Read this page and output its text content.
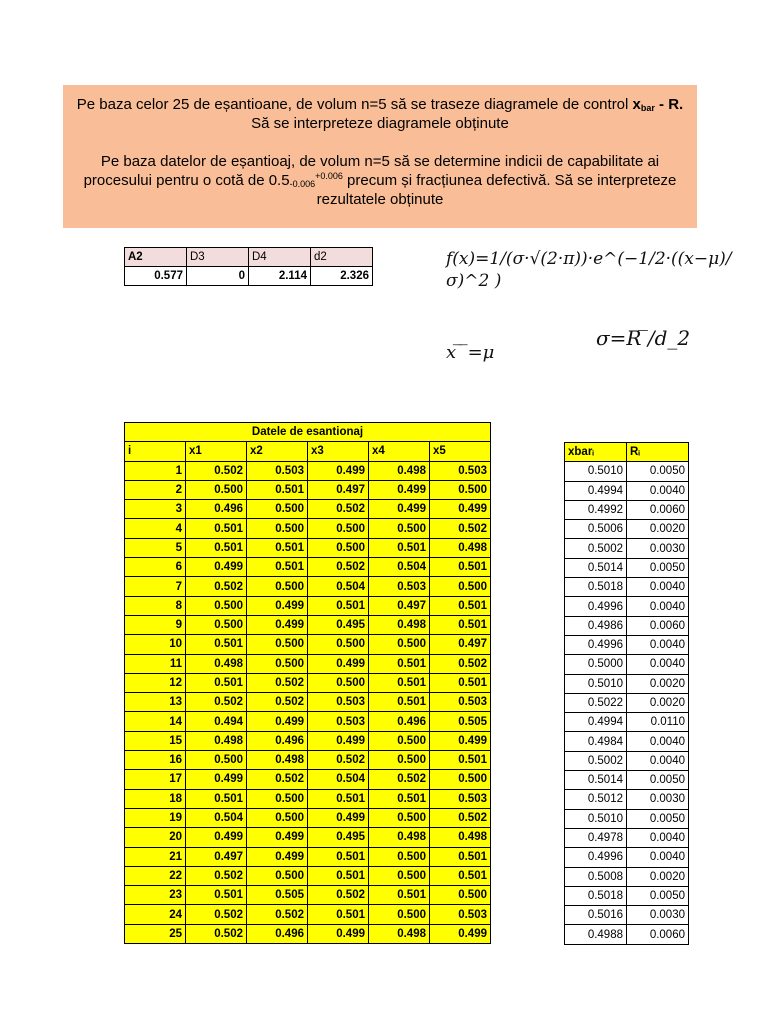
Pe baza celor 25 de eșantioane, de volum n=5 să se traseze diagramele de control $x_{bar}$ - R. Să se interpreteze diagramele obținute

Pe baza datelor de eșantioaj, de volum n=5 să se determine indicii de capabilitate ai procesului pentru o cotă de $0.5_{-0.006}^{+0.006}$ precum și fracțiunea defectivă. Să se interpreteze rezultatele obținute

A2	D3	D4	d2
0.577	0	2.114	2.326
𝑓(𝑥)=1/(𝜎·√(2·𝜋))·𝑒^(−1/2·((𝑥−𝜇)/𝜎)^2 )
𝑥 ̅ ̅=𝜇
𝜎=𝑅 ̅/𝑑_2
Datele de esantionaj					
i	x1	x2	x3	x4	x5
1	0.502	0.503	0.499	0.498	0.503
2	0.500	0.501	0.497	0.499	0.500
3	0.496	0.500	0.502	0.499	0.499
4	0.501	0.500	0.500	0.500	0.502
5	0.501	0.501	0.500	0.501	0.498
6	0.499	0.501	0.502	0.504	0.501
7	0.502	0.500	0.504	0.503	0.500
8	0.500	0.499	0.501	0.497	0.501
9	0.500	0.499	0.495	0.498	0.501
10	0.501	0.500	0.500	0.500	0.497
11	0.498	0.500	0.499	0.501	0.502
12	0.501	0.502	0.500	0.501	0.501
13	0.502	0.502	0.503	0.501	0.503
14	0.494	0.499	0.503	0.496	0.505
15	0.498	0.496	0.499	0.500	0.499
16	0.500	0.498	0.502	0.500	0.501
17	0.499	0.502	0.504	0.502	0.500
18	0.501	0.500	0.501	0.501	0.503
19	0.504	0.500	0.499	0.500	0.502
20	0.499	0.499	0.495	0.498	0.498
21	0.497	0.499	0.501	0.500	0.501
22	0.502	0.500	0.501	0.500	0.501
23	0.501	0.505	0.502	0.501	0.500
24	0.502	0.502	0.501	0.500	0.503
25	0.502	0.496	0.499	0.498	0.499
xbarᵢ	Rᵢ
0.5010	0.0050
0.4994	0.0040
0.4992	0.0060
0.5006	0.0020
0.5002	0.0030
0.5014	0.0050
0.5018	0.0040
0.4996	0.0040
0.4986	0.0060
0.4996	0.0040
0.5000	0.0040
0.5010	0.0020
0.5022	0.0020
0.4994	0.0110
0.4984	0.0040
0.5002	0.0040
0.5014	0.0050
0.5012	0.0030
0.5010	0.0050
0.4978	0.0040
0.4996	0.0040
0.5008	0.0020
0.5018	0.0050
0.5016	0.0030
0.4988	0.0060
